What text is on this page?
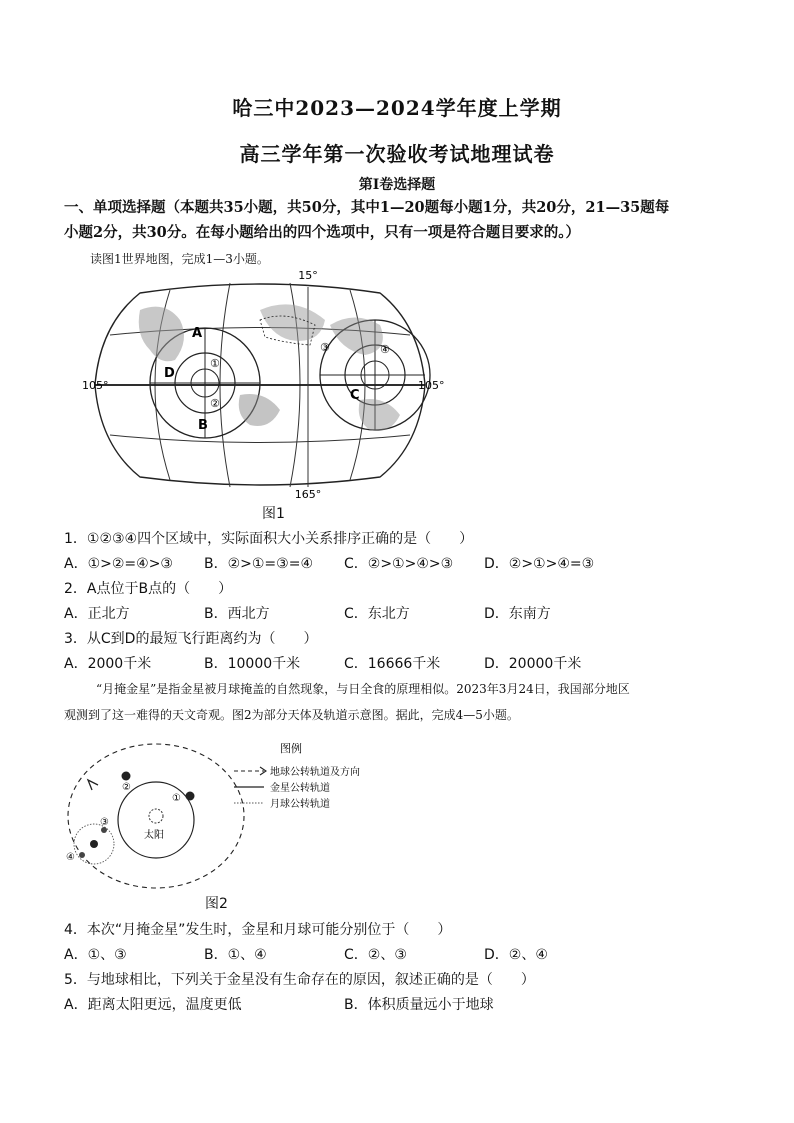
哈三中2023—2024学年度上学期
高三学年第一次验收考试地理试卷
第Ⅰ卷选择题
一、单项选择题（本题共35小题，共50分，其中1—20题每小题1分，共20分，21—35题每
小题2分，共30分。在每小题给出的四个选项中，只有一项是符合题目要求的。）
读图1世界地图，完成1—3小题。
15°
105°	105°
165°
A
B
C
D
①
②
③	④
图1
1．①②③④四个区域中，实际面积大小关系排序正确的是（　　）
A．①>②=④>③ B．②>①=③=④ C．②>①>④>③ D．②>①>④=③
2．A点位于B点的（　　）
A．正北方	B．西北方	C．东北方	D．东南方
3．从C到D的最短飞行距离约为（　　）
A．2000千米	B．10000千米	C．16666千米	D．20000千米
“月掩金星”是指金星被月球掩盖的自然现象，与日全食的原理相似。2023年3月24日，我国部分地区
观测到了这一难得的天文奇观。图2为部分天体及轨道示意图。据此，完成4—5小题。
太阳
②
①
③
④
图例
地球公转轨道及方向
金星公转轨道
月球公转轨道
图2
4．本次“月掩金星”发生时，金星和月球可能分别位于（　　）
A．①、③	B．①、④	C．②、③	D．②、④
5．与地球相比，下列关于金星没有生命存在的原因，叙述正确的是（　　）
A．距离太阳更远，温度更低	B．体积质量远小于地球
